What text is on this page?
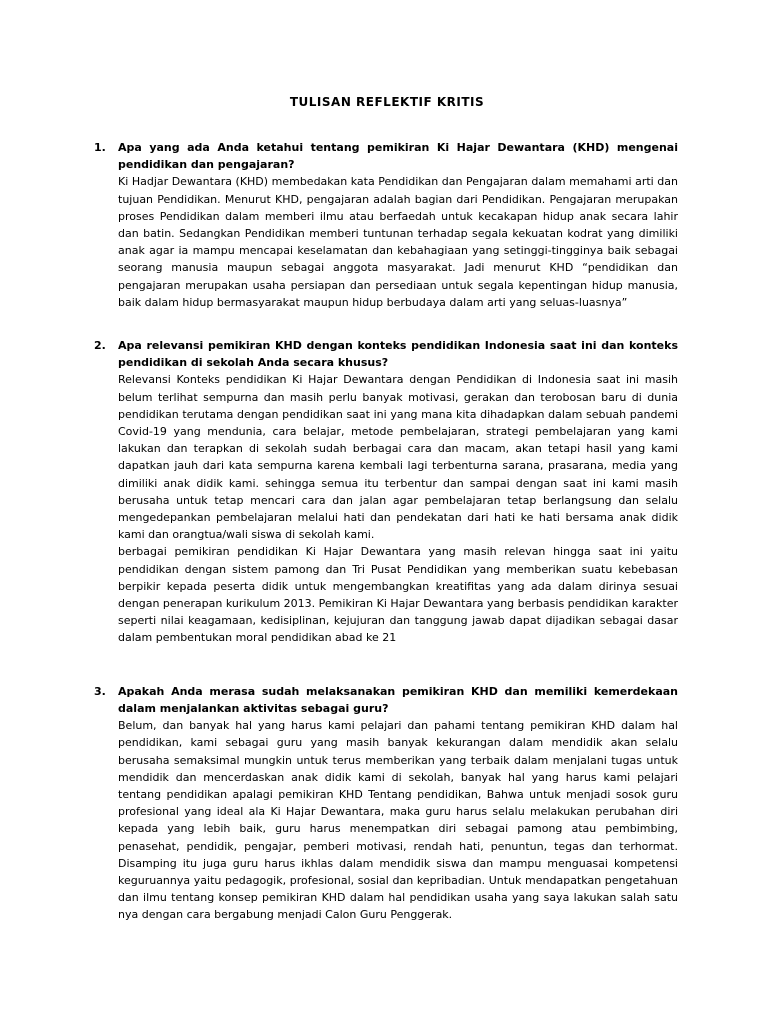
TULISAN REFLEKTIF KRITIS
1. Apa yang ada Anda ketahui tentang pemikiran Ki Hajar Dewantara (KHD) mengenai pendidikan dan pengajaran?

Ki Hadjar Dewantara (KHD) membedakan kata Pendidikan dan Pengajaran dalam memahami arti dan tujuan Pendidikan. Menurut KHD, pengajaran adalah bagian dari Pendidikan. Pengajaran merupakan proses Pendidikan dalam memberi ilmu atau berfaedah untuk kecakapan hidup anak secara lahir dan batin. Sedangkan Pendidikan memberi tuntunan terhadap segala kekuatan kodrat yang dimiliki anak agar ia mampu mencapai keselamatan dan kebahagiaan yang setinggi-tingginya baik sebagai seorang manusia maupun sebagai anggota masyarakat. Jadi menurut KHD “pendidikan dan pengajaran merupakan usaha persiapan dan persediaan untuk segala kepentingan hidup manusia, baik dalam hidup bermasyarakat maupun hidup berbudaya dalam arti yang seluas-luasnya”

2. Apa relevansi pemikiran KHD dengan konteks pendidikan Indonesia saat ini dan konteks pendidikan di sekolah Anda secara khusus?

Relevansi Konteks pendidikan Ki Hajar Dewantara dengan Pendidikan di Indonesia saat ini masih belum terlihat sempurna dan masih perlu banyak motivasi, gerakan dan terobosan baru di dunia pendidikan terutama dengan pendidikan saat ini yang mana kita dihadapkan dalam sebuah pandemi Covid-19 yang mendunia, cara belajar, metode pembelajaran, strategi pembelajaran yang kami lakukan dan terapkan di sekolah sudah berbagai cara dan macam, akan tetapi hasil yang kami dapatkan jauh dari kata sempurna karena kembali lagi terbenturna sarana, prasarana, media yang dimiliki anak didik kami. sehingga semua itu terbentur dan sampai dengan saat ini kami masih berusaha untuk tetap mencari cara dan jalan agar pembelajaran tetap berlangsung dan selalu mengedepankan pembelajaran melalui hati dan pendekatan dari hati ke hati bersama anak didik kami dan orangtua/wali siswa di sekolah kami.

berbagai pemikiran pendidikan Ki Hajar Dewantara yang masih relevan hingga saat ini yaitu pendidikan dengan sistem pamong dan Tri Pusat Pendidikan yang memberikan suatu kebebasan berpikir kepada peserta didik untuk mengembangkan kreatifitas yang ada dalam dirinya sesuai dengan penerapan kurikulum 2013. Pemikiran Ki Hajar Dewantara yang berbasis pendidikan karakter seperti nilai keagamaan, kedisiplinan, kejujuran dan tanggung jawab dapat dijadikan sebagai dasar dalam pembentukan moral pendidikan abad ke 21

3. Apakah Anda merasa sudah melaksanakan pemikiran KHD dan memiliki kemerdekaan dalam menjalankan aktivitas sebagai guru?

Belum, dan banyak hal yang harus kami pelajari dan pahami tentang pemikiran KHD dalam hal pendidikan, kami sebagai guru yang masih banyak kekurangan dalam mendidik akan selalu berusaha semaksimal mungkin untuk terus memberikan yang terbaik dalam menjalani tugas untuk mendidik dan mencerdaskan anak didik kami di sekolah, banyak hal yang harus kami pelajari tentang pendidikan apalagi pemikiran KHD Tentang pendidikan, Bahwa untuk menjadi sosok guru profesional yang ideal ala Ki Hajar Dewantara, maka guru harus selalu melakukan perubahan diri kepada yang lebih baik, guru harus menempatkan diri sebagai pamong atau pembimbing, penasehat, pendidik, pengajar, pemberi motivasi, rendah hati, penuntun, tegas dan terhormat. Disamping itu juga guru harus ikhlas dalam mendidik siswa dan mampu menguasai kompetensi keguruannya yaitu pedagogik, profesional, sosial dan kepribadian. Untuk mendapatkan pengetahuan dan ilmu tentang konsep pemikiran KHD dalam hal pendidikan usaha yang saya lakukan salah satu nya dengan cara bergabung menjadi Calon Guru Penggerak.
